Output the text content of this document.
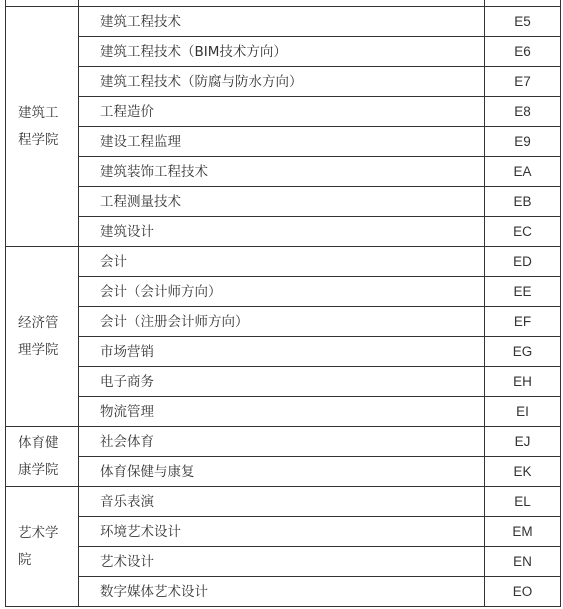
建筑工程学院	建筑工程技术	E5
	建筑工程技术（BIM技术方向）	E6
	建筑工程技术（防腐与防水方向）	E7
	工程造价	E8
	建设工程监理	E9
	建筑装饰工程技术	EA
	工程测量技术	EB
	建筑设计	EC

经济管理学院	会计	ED
	会计（会计师方向）	EE
	会计（注册会计师方向）	EF
	市场营销	EG
	电子商务	EH
	物流管理	EI

体育健康学院	社会体育	EJ
	体育保健与康复	EK

艺术学院	音乐表演	EL
	环境艺术设计	EM
	艺术设计	EN
	数字媒体艺术设计	EO
